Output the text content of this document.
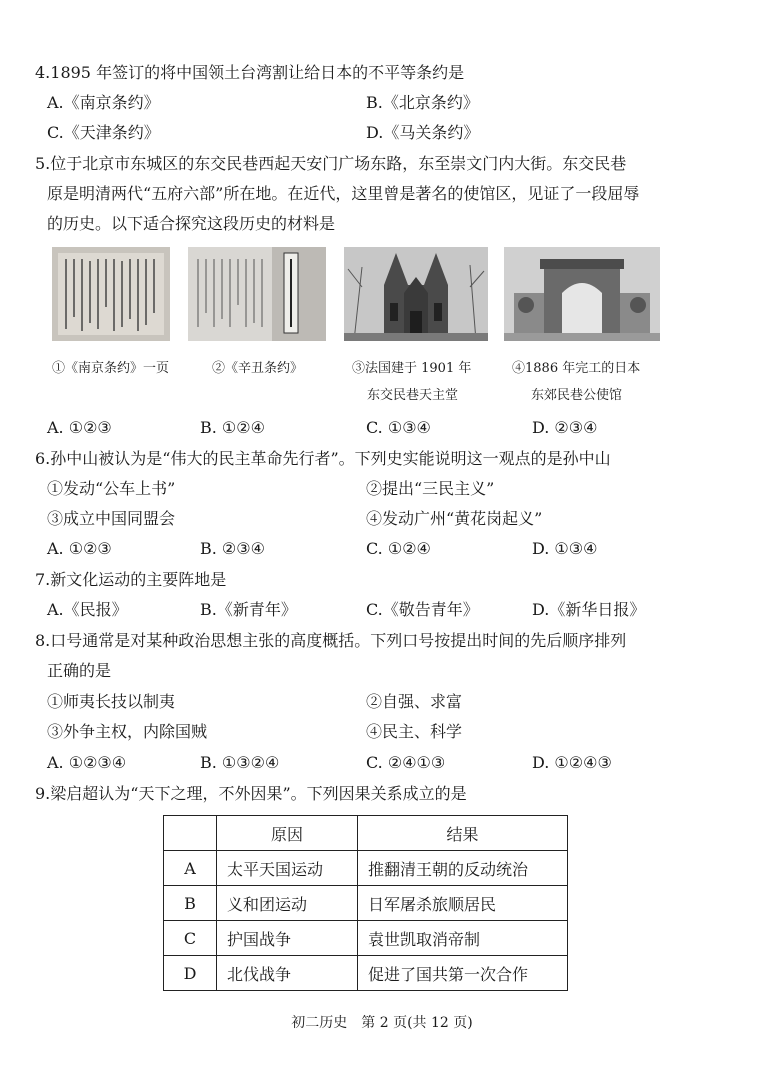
4.1895 年签订的将中国领土台湾割让给日本的不平等条约是
A.《南京条约》	B.《北京条约》
C.《天津条约》	D.《马关条约》
5.位于北京市东城区的东交民巷西起天安门广场东路，东至崇文门内大街。东交民巷
原是明清两代“五府六部”所在地。在近代，这里曾是著名的使馆区，见证了一段屈辱
的历史。以下适合探究这段历史的材料是
①《南京条约》一页	②《辛丑条约》	③法国建于 1901 年
东交民巷天主堂
④1886 年完工的日本
东郊民巷公使馆
A. ①②③	B. ①②④	C. ①③④	D. ②③④
6.孙中山被认为是“伟大的民主革命先行者”。下列史实能说明这一观点的是孙中山
①发动“公车上书”	②提出“三民主义”
③成立中国同盟会	④发动广州“黄花岗起义”
A. ①②③	B. ②③④	C. ①②④	D. ①③④
7.新文化运动的主要阵地是
A.《民报》	B.《新青年》	C.《敬告青年》	D.《新华日报》
8.口号通常是对某种政治思想主张的高度概括。下列口号按提出时间的先后顺序排列
正确的是
①师夷长技以制夷	②自强、求富
③外争主权，内除国贼	④民主、科学
A. ①②③④	B. ①③②④	C. ②④①③	D. ①②④③
9.梁启超认为“天下之理，不外因果”。下列因果关系成立的是
	原因	结果
A	太平天国运动	推翻清王朝的反动统治
B	义和团运动	日军屠杀旅顺居民
C	护国战争	袁世凯取消帝制
D	北伐战争	促进了国共第一次合作
初二历史　第 2 页(共 12 页)
